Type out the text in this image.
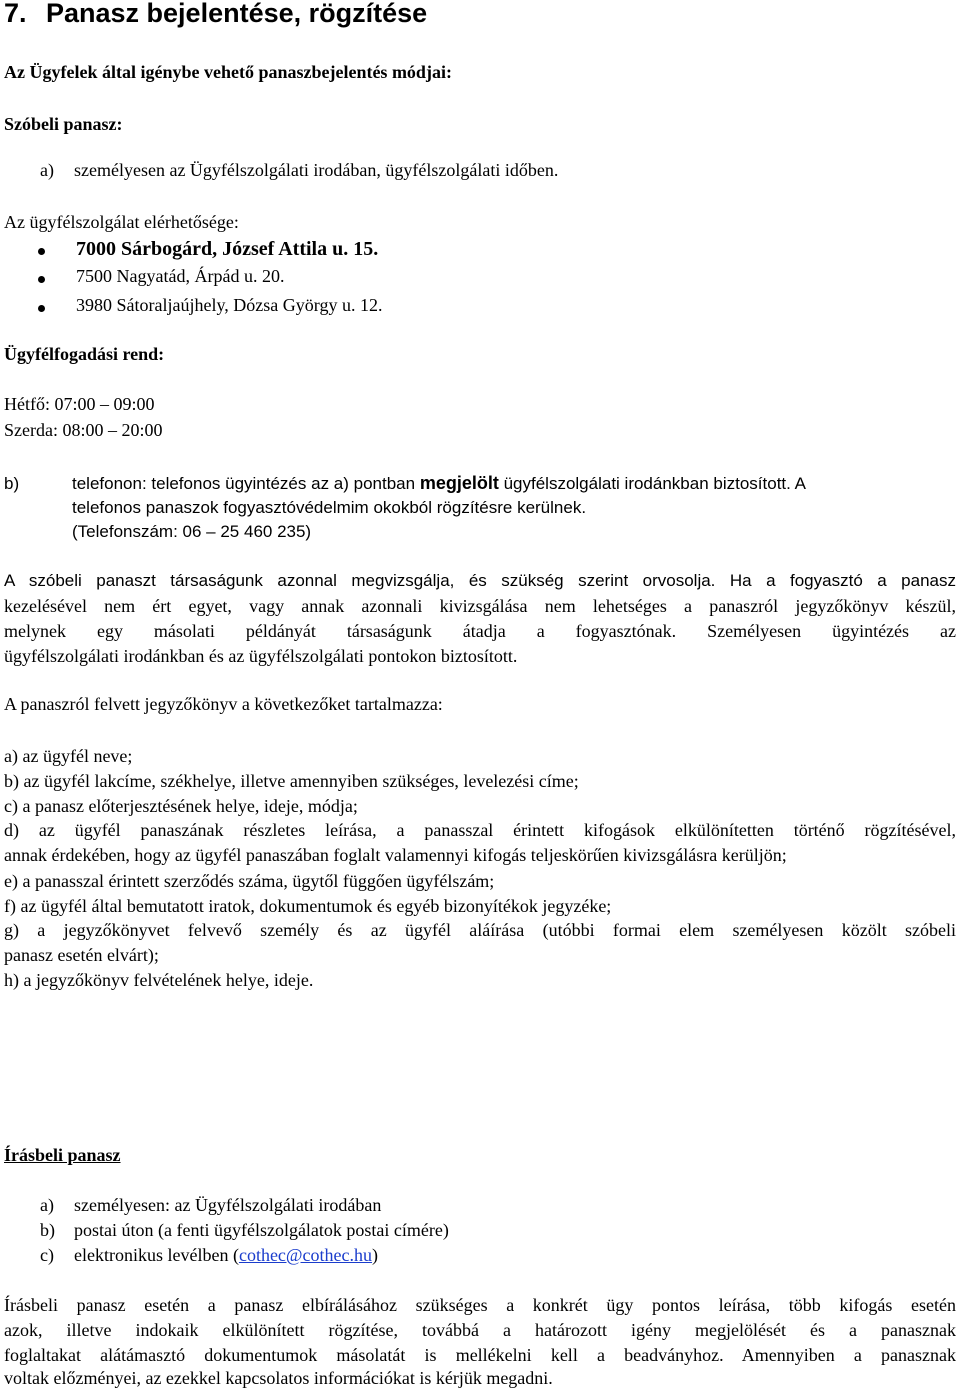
7. Panasz bejelentése, rögzítése
Az Ügyfelek által igénybe vehető panaszbejelentés módjai:
Szóbeli panasz:
a) személyesen az Ügyfélszolgálati irodában, ügyfélszolgálati időben.
Az ügyfélszolgálat elérhetősége:
7000 Sárbogárd, József Attila u. 15.
7500 Nagyatád, Árpád u. 20.
3980 Sátoraljaújhely, Dózsa György u. 12.
Ügyfélfogadási rend:
Hétfő: 07:00 – 09:00
Szerda: 08:00 – 20:00
b)	telefonon: telefonos ügyintézés az a) pontban megjelölt ügyfélszolgálati irodánkban biztosított. A
telefonos panaszok fogyasztóvédelmim okokból rögzítésre kerülnek.
(Telefonszám: 06 – 25 460 235)
A szóbeli panaszt társaságunk azonnal megvizsgálja, és szükség szerint orvosolja. Ha a fogyasztó a panasz
kezelésével nem ért egyet, vagy annak azonnali kivizsgálása nem lehetséges a panaszról jegyzőkönyv készül,
melynek egy másolati példányát társaságunk átadja a fogyasztónak. Személyesen ügyintézés az
ügyfélszolgálati irodánkban és az ügyfélszolgálati pontokon biztosított.
A panaszról felvett jegyzőkönyv a következőket tartalmazza:
a) az ügyfél neve;
b) az ügyfél lakcíme, székhelye, illetve amennyiben szükséges, levelezési címe;
c) a panasz előterjesztésének helye, ideje, módja;
d) az ügyfél panaszának részletes leírása, a panasszal érintett kifogások elkülönítetten történő rögzítésével,
annak érdekében, hogy az ügyfél panaszában foglalt valamennyi kifogás teljeskörűen kivizsgálásra kerüljön;
e) a panasszal érintett szerződés száma, ügytől függően ügyfélszám;
f) az ügyfél által bemutatott iratok, dokumentumok és egyéb bizonyítékok jegyzéke;
g) a jegyzőkönyvet felvevő személy és az ügyfél aláírása (utóbbi formai elem személyesen közölt szóbeli
panasz esetén elvárt);
h) a jegyzőkönyv felvételének helye, ideje.
Írásbeli panasz
a) személyesen: az Ügyfélszolgálati irodában
b) postai úton (a fenti ügyfélszolgálatok postai címére)
c) elektronikus levélben (cothec@cothec.hu)
Írásbeli panasz esetén a panasz elbírálásához szükséges a konkrét ügy pontos leírása, több kifogás esetén
azok, illetve indokaik elkülönített rögzítése, továbbá a határozott igény megjelölését és a panasznak
foglaltakat alátámasztó dokumentumok másolatát is mellékelni kell a beadványhoz. Amennyiben a panasznak
voltak előzményei, az ezekkel kapcsolatos információkat is kérjük megadni.
